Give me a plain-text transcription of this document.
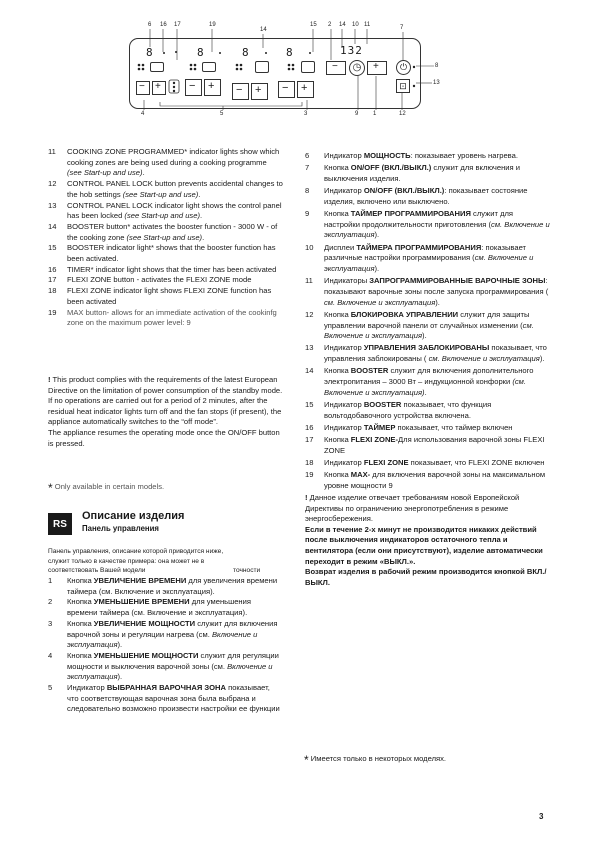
6 16 17	19
14
15 2 14 10 11	7
8
13
4	5	3	9 1	12
8	8	8	8	132
− +	− + − + − +
−	◷	+	⏻
⊡
11 COOKING ZONE PROGRAMMED* indicator lights show which cooking zones are being used during a cooking programme (see Start-up and use).
12 CONTROL PANEL LOCK button prevents accidental changes to the hob settings (see Start-up and use).
13 CONTROL PANEL LOCK indicator light shows the control panel has been locked (see Start-up and use).
14 BOOSTER button* activates the booster function - 3000 W - of the cooking zone (see Start-up and use).
15 BOOSTER indicator light* shows that the booster function has been activated.
16 TIMER* indicator light shows that the timer has been activated
17 FLEXI ZONE button - activates the FLEXI ZONE mode
18 FLEXI ZONE indicator light shows FLEXI ZONE function has been activated
19 MAX button- allows for an immediate activation of the cookinfg zone on the maximum power level: 9
! This product complies with the requirements of the latest European Directive on the limitation of power consumption of the standby mode.
If no operations are carried out for a period of 2 minutes, after the residual heat indicator lights turn off and the fan stops (if present), the appliance automatically switches to the “off mode”.
The appliance resumes the operating mode once the ON/OFF button is pressed.
* Only available in certain models.
RS
Описание изделия
Панель управления
Панель управления, описание которой приводится ниже,
служит только в качестве примера: она может не в
соответствовать Вашей модели	точности
1 Кнопка УВЕЛИЧЕНИЕ ВРЕМЕНИ для увеличения времени таймера (см. Включение и эксплуатация).
2 Кнопка УМЕНЬШЕНИЕ ВРЕМЕНИ для уменьшения времени таймера (см. Включение и эксплуатация).
3 Кнопка УВЕЛИЧЕНИЕ МОЩНОСТИ служит для включения варочной зоны и регуляции нагрева (см. Включение и эксплуатация).
4 Кнопка УМЕНЬШЕНИЕ МОЩНОСТИ служит для регуляции мощности и выключения варочной зоны (см. Включение и эксплуатация).
5 Индикатор ВЫБРАННАЯ ВАРОЧНАЯ ЗОНА показывает, что соответствующая варочная зона была выбрана и следовательно возможно произвести настройки ее функции
6 Индикатор МОЩНОСТЬ: показывает уровень нагрева.
7 Кнопка ON/OFF (ВКЛ./ВЫКЛ.) служит для включения и выключения изделия.
8 Индикатор ON/OFF (ВКЛ./ВЫКЛ.): показывает состояние изделия, включено или выключено.
9 Кнопка ТАЙМЕР ПРОГРАММИРОВАНИЯ служит для настройки продолжительности приготовления (см. Включение и эксплуатация).
10 Дисплеи ТАЙМЕРА ПРОГРАММИРОВАНИЯ: показывает различные настройки программирования (см. Включение и эксплуатация).
11 Индикаторы ЗАПРОГРАММИРОВАННЫЕ ВАРОЧНЫЕ ЗОНЫ: показывают варочные зоны после запуска программирования ( см. Включение и эксплуатация).
12 Кнопка БЛОКИРОВКА УПРАВЛЕНИИ служит для защиты управлении варочной панели от случайных изменении (см. Включение и эксплуатация).
13 Индикатор УПРАВЛЕНИЯ ЗАБЛОКИРОВАНЫ показывает, что управления заблокированы ( см. Включение и эксплуатация).
14 Кнопка BOOSTER служит для включения дополнительного электропитания – 3000 Вт – индукционной конфорки (см. Включение и эксплуатация).
15 Индикатор BOOSTER показывает, что функция вольтодобавочного устройства включена.
16 Индикатор ТАЙМЕР показывает, что таймер включен
17 Кнопка FLEXI ZONE-Для использования варочной зоны FLEXI ZONE
18 Индикатор FLEXI ZONE показывает, что FLEXI ZONE включен
19 Кнопка MAX- для включения варочной зоны на максимальном уровне мощности 9
! Данное изделие отвечает требованиям новой Европейской Директивы по ограничению энергопотребления в режиме энергосбережения.
Если в течение 2-х минут не производится никаких действий после выключения индикаторов остаточного тепла и вентилятора (если они присутствуют), изделие автоматически переходит в режим «ВЫКЛ.».
Возврат изделия в рабочий режим производится кнопкой ВКЛ./ВЫКЛ.
* Имеется только в некоторых моделях.
3
